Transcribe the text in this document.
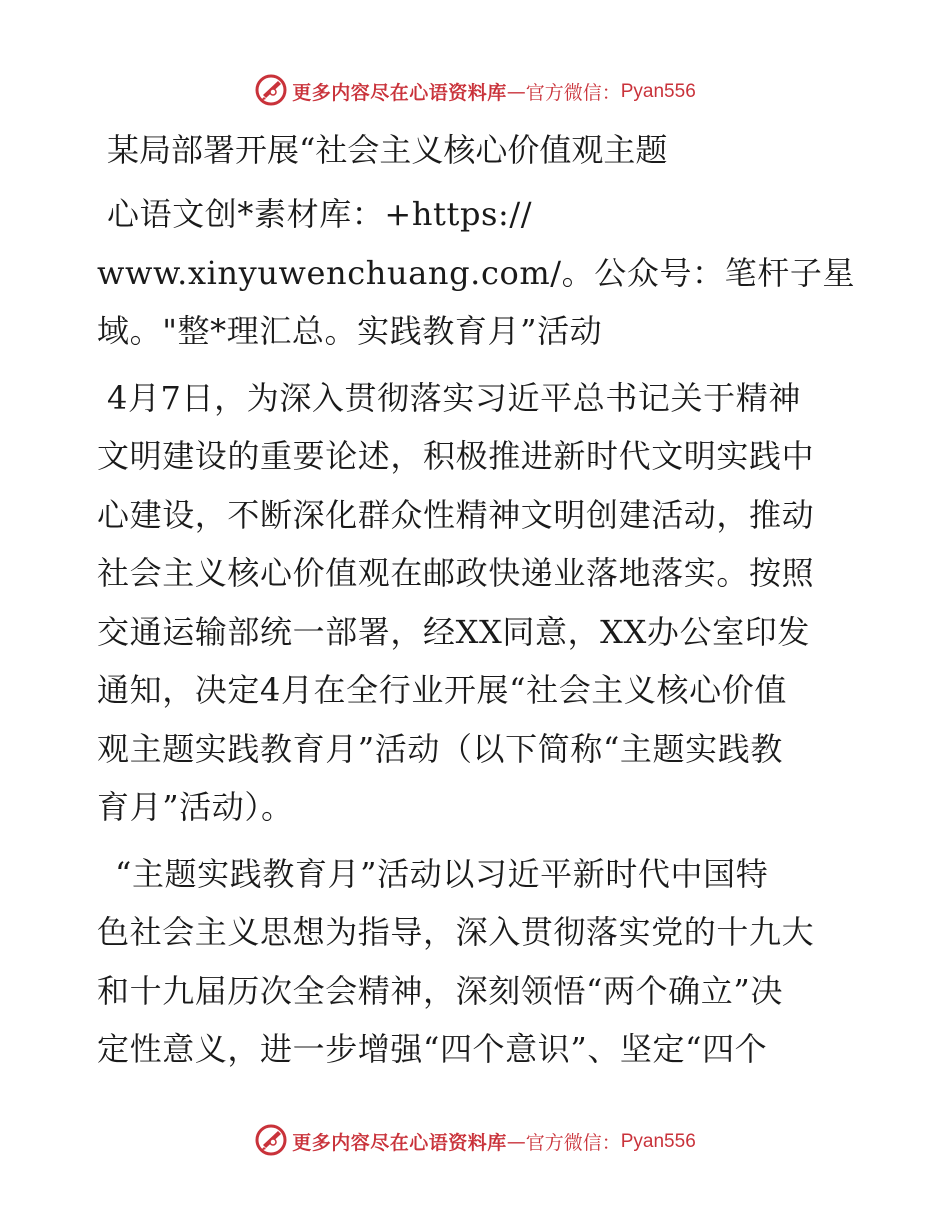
更多内容尽在心语资料库 — 官方微信： Pyan556

某局部署开展“社会主义核心价值观主题

心语文创*素材库：+https://

www.xinyuwenchuang.com/。公众号：笔杆子星

域。"整*理汇总。实践教育月”活动

4月7日，为深入贯彻落实习近平总书记关于精神

文明建设的重要论述，积极推进新时代文明实践中

心建设，不断深化群众性精神文明创建活动，推动

社会主义核心价值观在邮政快递业落地落实。按照

交通运输部统一部署，经XX同意，XX办公室印发

通知，决定4月在全行业开展“社会主义核心价值

观主题实践教育月”活动（以下简称“主题实践教

育月”活动）。

“主题实践教育月”活动以习近平新时代中国特

色社会主义思想为指导，深入贯彻落实党的十九大

和十九届历次全会精神，深刻领悟“两个确立”决

定性意义，进一步增强“四个意识”、坚定“四个

更多内容尽在心语资料库 — 官方微信： Pyan556
